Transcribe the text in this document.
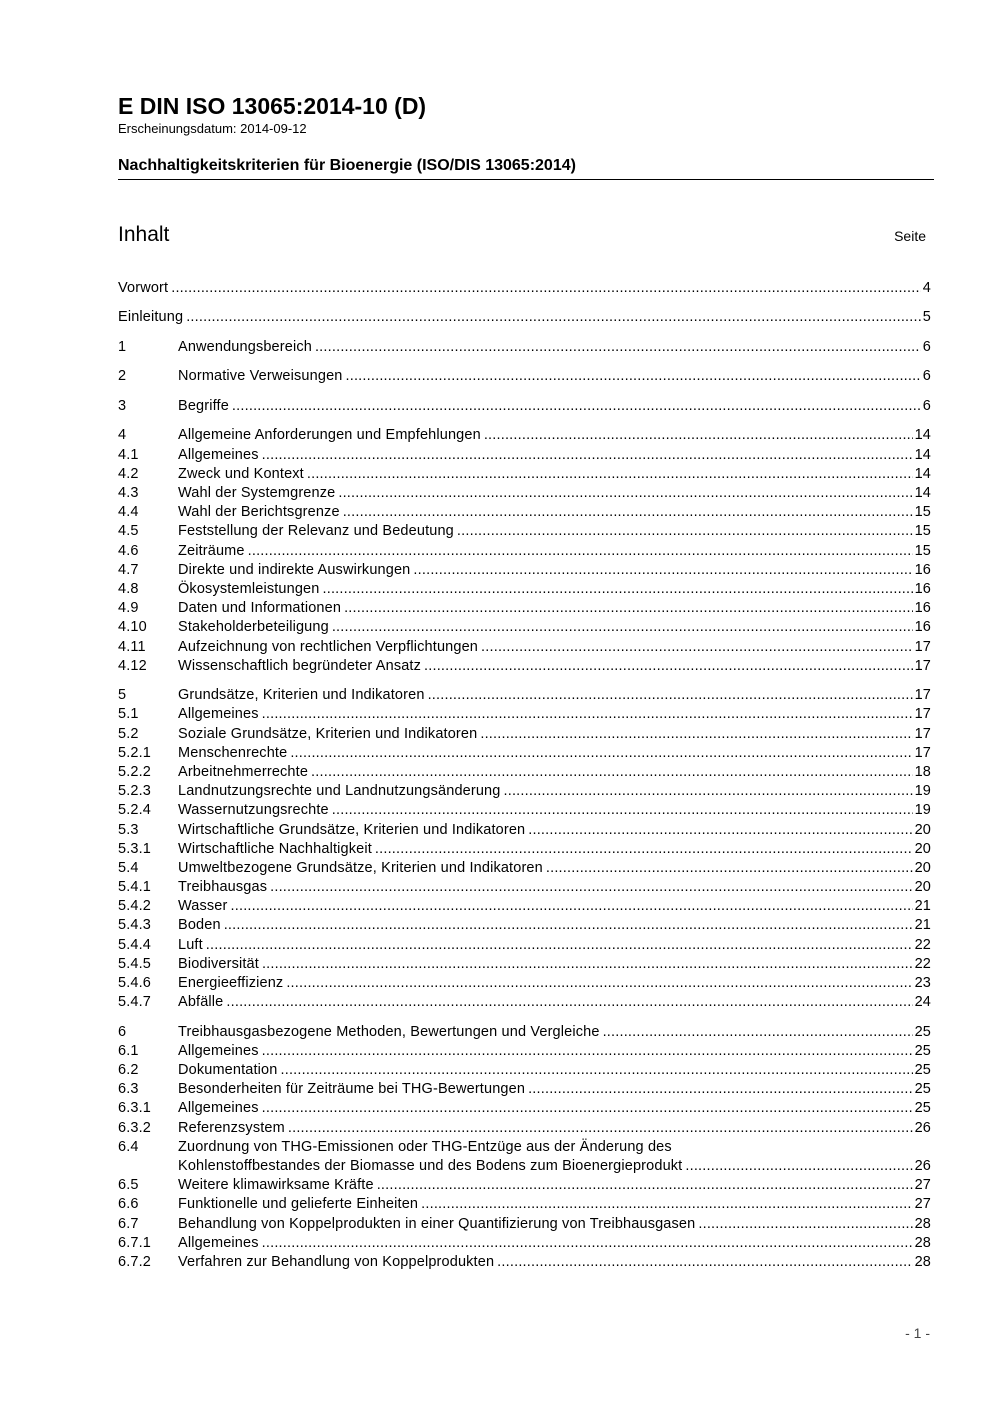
E DIN ISO 13065:2014-10 (D)
Erscheinungsdatum: 2014-09-12
Nachhaltigkeitskriterien für Bioenergie (ISO/DIS 13065:2014)
Inhalt	Seite
Vorwort .....	4
Einleitung .....	5
1	Anwendungsbereich .....	6
2	Normative Verweisungen .....	6
3	Begriffe .....	6
4	Allgemeine Anforderungen und Empfehlungen .....	14
4.1	Allgemeines .....	14
4.2	Zweck und Kontext .....	14
4.3	Wahl der Systemgrenze .....	14
4.4	Wahl der Berichtsgrenze .....	15
4.5	Feststellung der Relevanz und Bedeutung .....	15
4.6	Zeiträume .....	15
4.7	Direkte und indirekte Auswirkungen .....	16
4.8	Ökosystemleistungen .....	16
4.9	Daten und Informationen .....	16
4.10	Stakeholderbeteiligung .....	16
4.11	Aufzeichnung von rechtlichen Verpflichtungen .....	17
4.12	Wissenschaftlich begründeter Ansatz .....	17
5	Grundsätze, Kriterien und Indikatoren .....	17
5.1	Allgemeines .....	17
5.2	Soziale Grundsätze, Kriterien und Indikatoren .....	17
5.2.1	Menschenrechte .....	17
5.2.2	Arbeitnehmerrechte .....	18
5.2.3	Landnutzungsrechte und Landnutzungsänderung .....	19
5.2.4	Wassernutzungsrechte .....	19
5.3	Wirtschaftliche Grundsätze, Kriterien und Indikatoren .....	20
5.3.1	Wirtschaftliche Nachhaltigkeit .....	20
5.4	Umweltbezogene Grundsätze, Kriterien und Indikatoren .....	20
5.4.1	Treibhausgas .....	20
5.4.2	Wasser .....	21
5.4.3	Boden .....	21
5.4.4	Luft .....	22
5.4.5	Biodiversität .....	22
5.4.6	Energieeffizienz .....	23
5.4.7	Abfälle .....	24
6	Treibhausgasbezogene Methoden, Bewertungen und Vergleiche .....	25
6.1	Allgemeines .....	25
6.2	Dokumentation .....	25
6.3	Besonderheiten für Zeiträume bei THG-Bewertungen .....	25
6.3.1	Allgemeines .....	25
6.3.2	Referenzsystem .....	26
6.4	Zuordnung von THG-Emissionen oder THG-Entzüge aus der Änderung des
Kohlenstoffbestandes der Biomasse und des Bodens zum Bioenergieprodukt .....	26
6.5	Weitere klimawirksame Kräfte .....	27
6.6	Funktionelle und gelieferte Einheiten .....	27
6.7	Behandlung von Koppelprodukten in einer Quantifizierung von Treibhausgasen .....	28
6.7.1	Allgemeines .....	28
6.7.2	Verfahren zur Behandlung von Koppelprodukten .....	28
- 1 -
